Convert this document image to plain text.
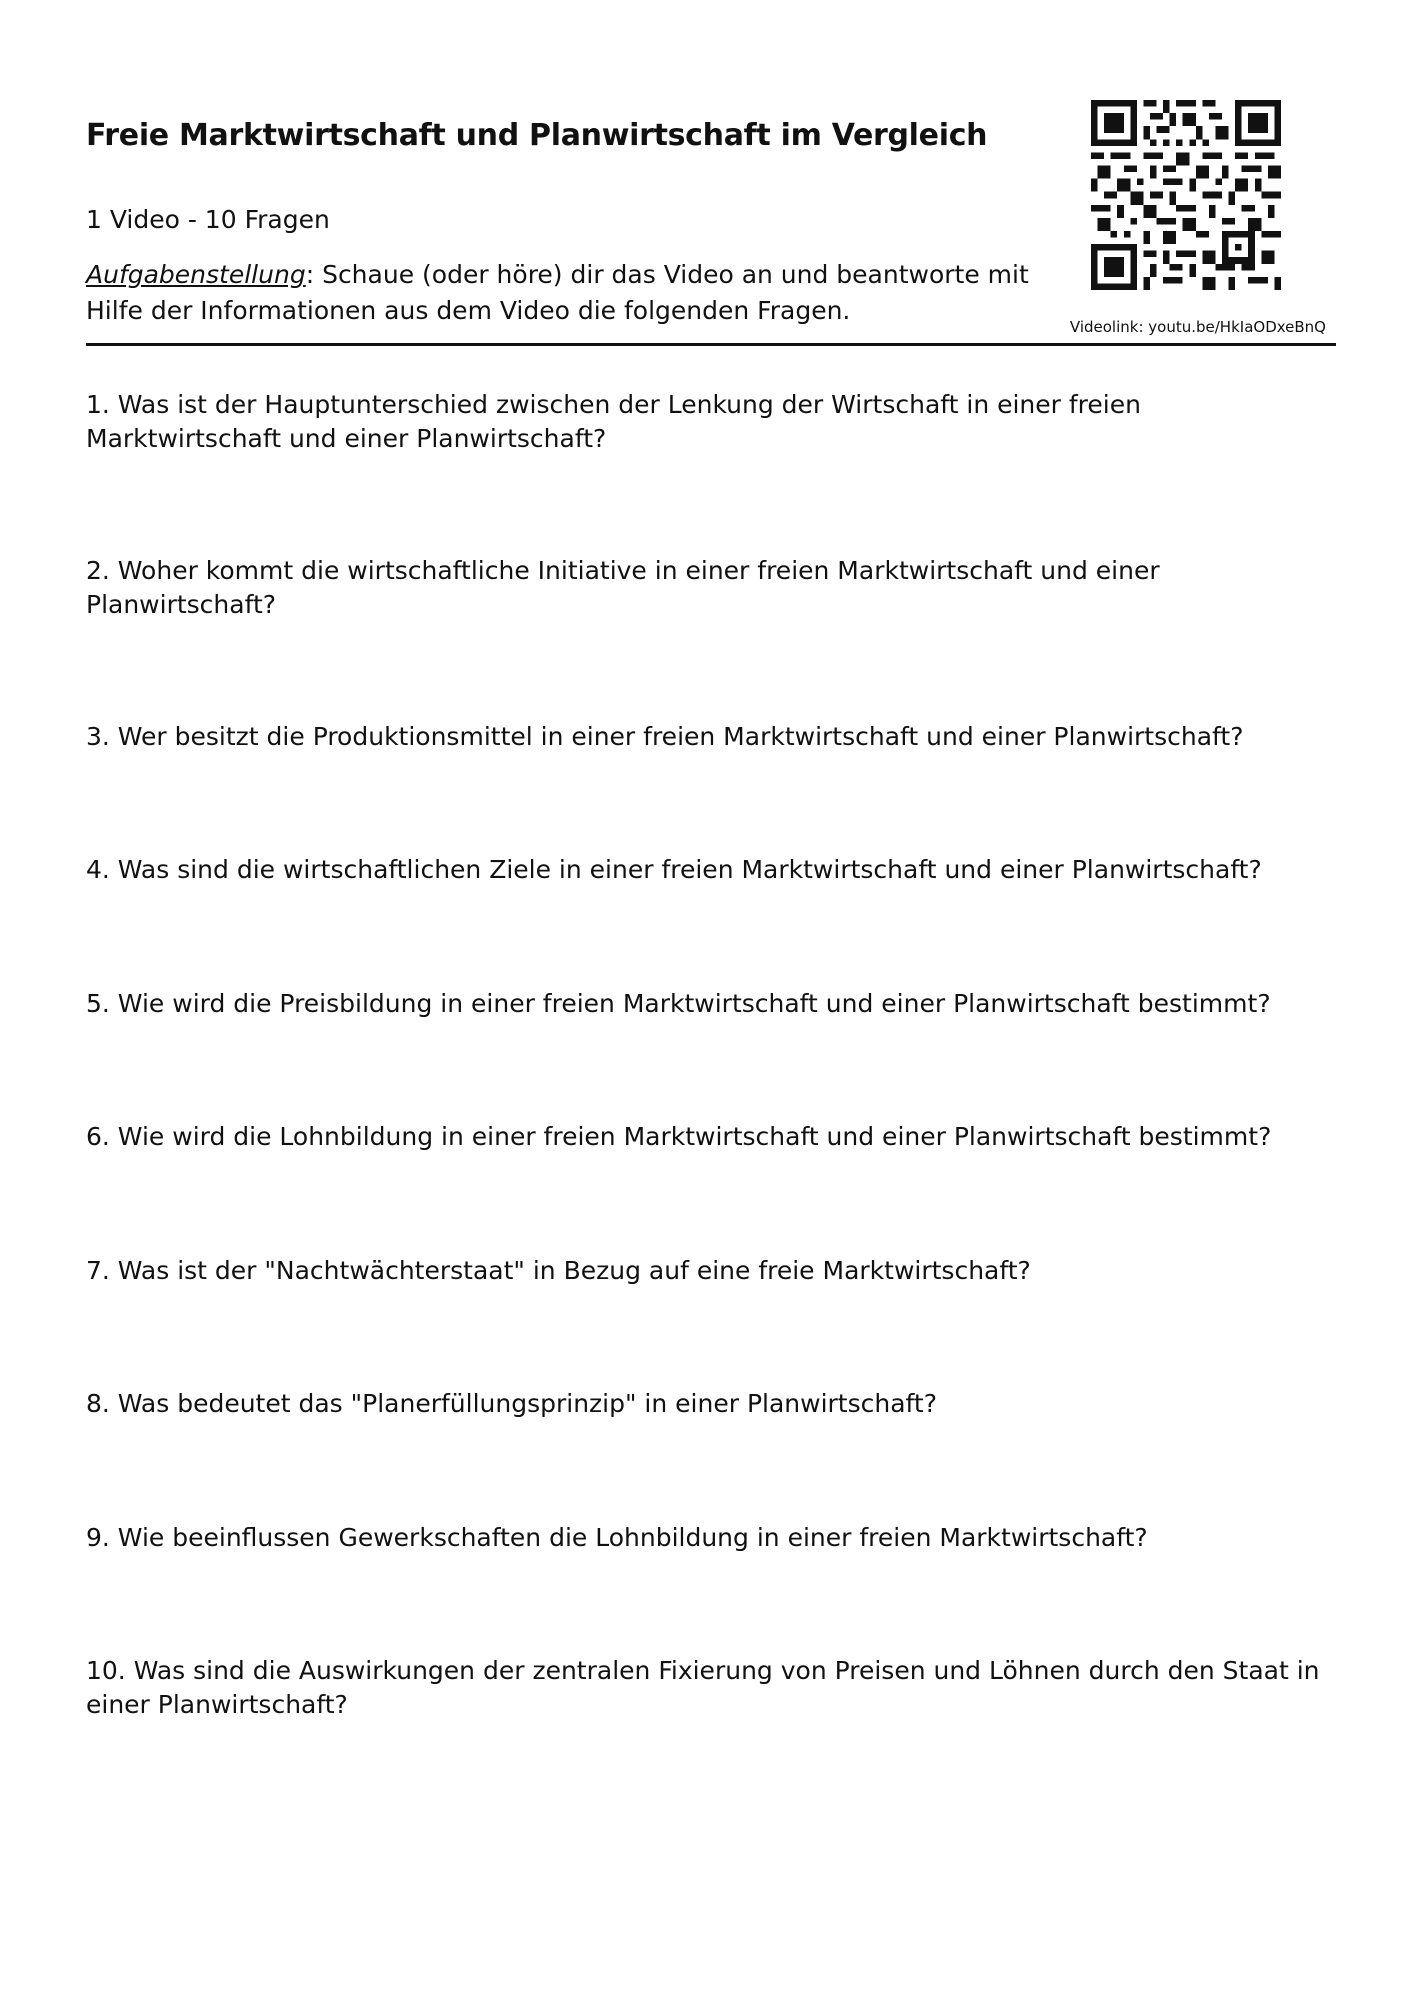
Freie Marktwirtschaft und Planwirtschaft im Vergleich
1 Video - 10 Fragen
Aufgabenstellung: Schaue (oder höre) dir das Video an und beantworte mit Hilfe der Informationen aus dem Video die folgenden Fragen.
Videolink: youtu.be/HkIaODxeBnQ
1. Was ist der Hauptunterschied zwischen der Lenkung der Wirtschaft in einer freien Marktwirtschaft und einer Planwirtschaft?
2. Woher kommt die wirtschaftliche Initiative in einer freien Marktwirtschaft und einer Planwirtschaft?
3. Wer besitzt die Produktionsmittel in einer freien Marktwirtschaft und einer Planwirtschaft?
4. Was sind die wirtschaftlichen Ziele in einer freien Marktwirtschaft und einer Planwirtschaft?
5. Wie wird die Preisbildung in einer freien Marktwirtschaft und einer Planwirtschaft bestimmt?
6. Wie wird die Lohnbildung in einer freien Marktwirtschaft und einer Planwirtschaft bestimmt?
7. Was ist der "Nachtwächterstaat" in Bezug auf eine freie Marktwirtschaft?
8. Was bedeutet das "Planerfüllungsprinzip" in einer Planwirtschaft?
9. Wie beeinflussen Gewerkschaften die Lohnbildung in einer freien Marktwirtschaft?
10. Was sind die Auswirkungen der zentralen Fixierung von Preisen und Löhnen durch den Staat in einer Planwirtschaft?
